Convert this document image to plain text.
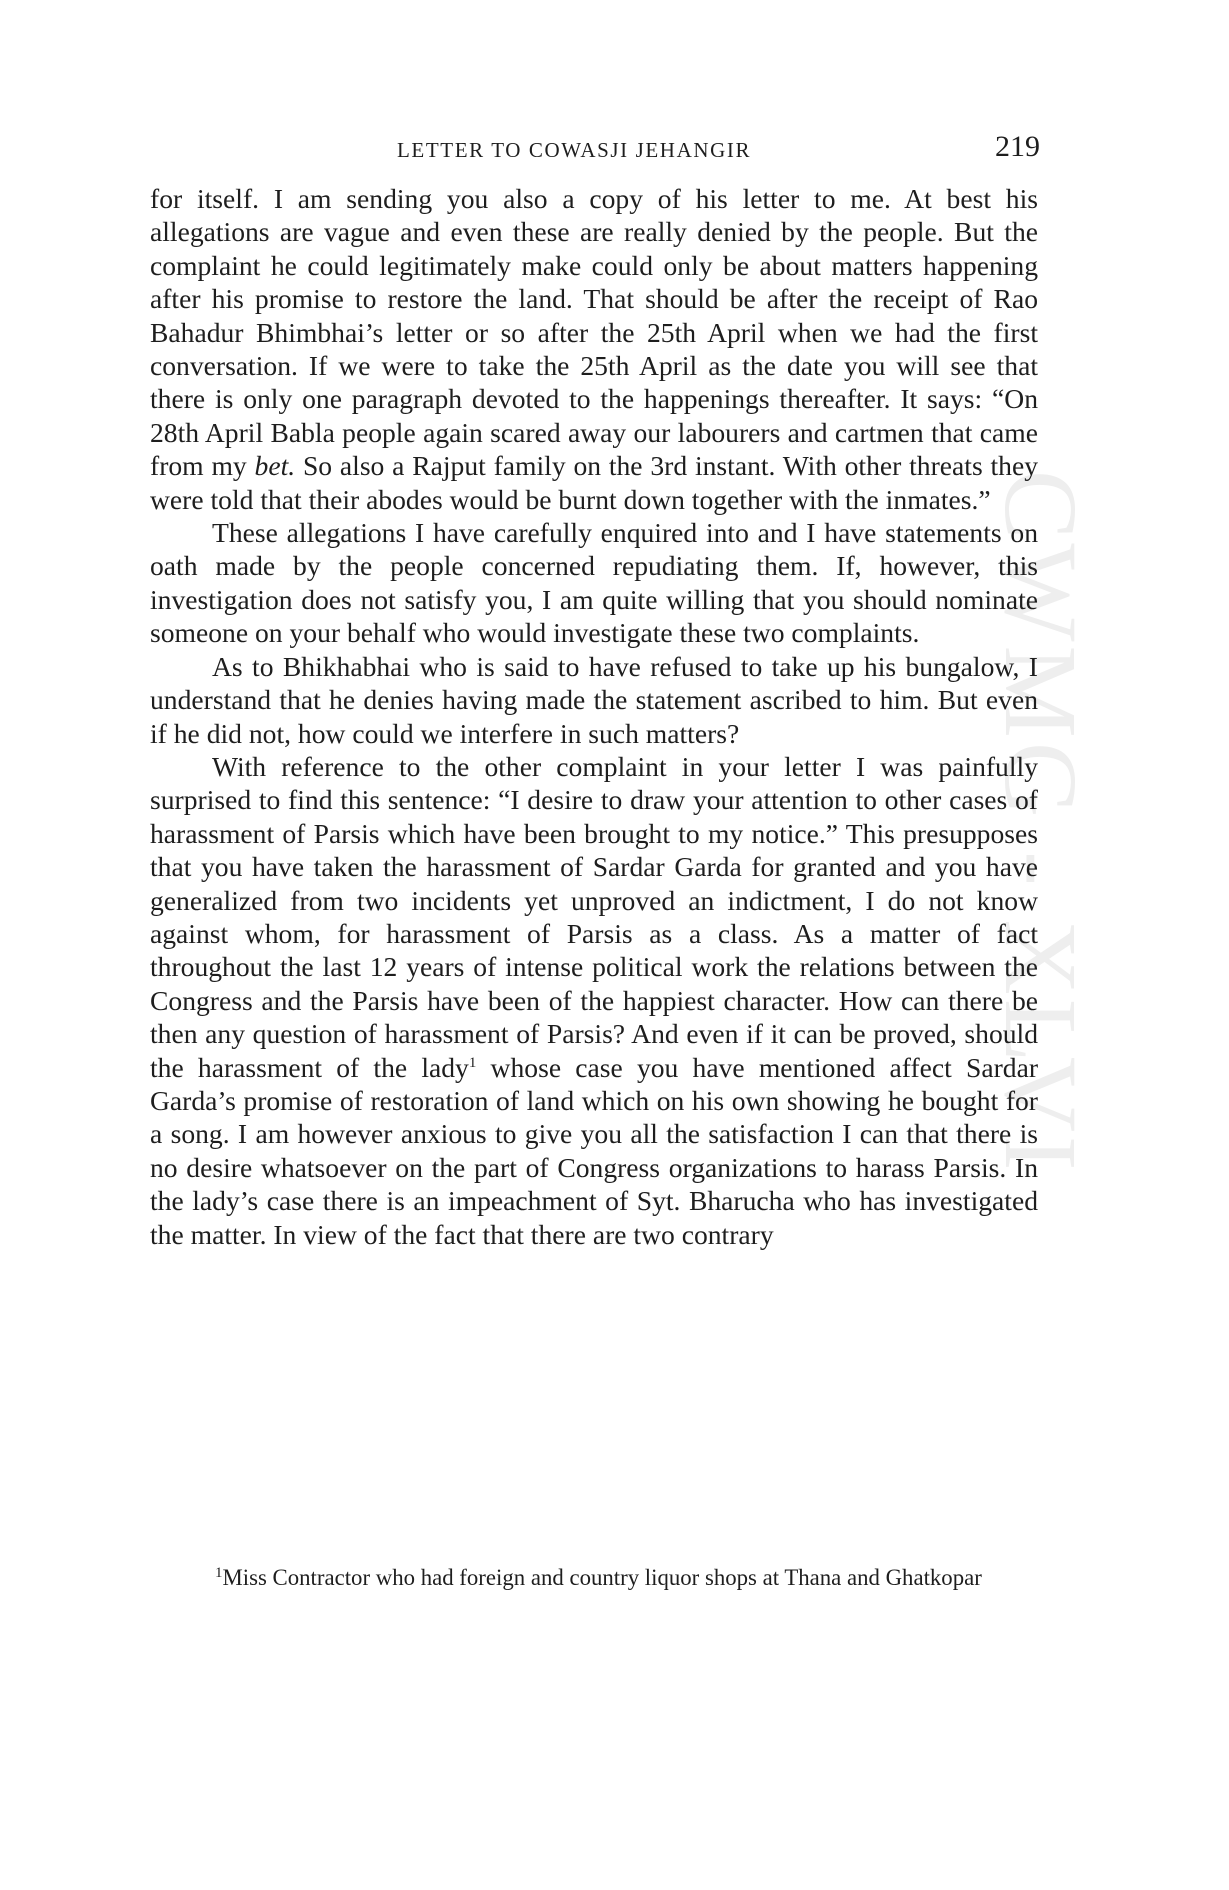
CWMG - XLVI
LETTER TO COWASJI JEHANGIR	219

for itself. I am sending you also a copy of his letter to me. At best his allegations are vague and even these are really denied by the people. But the complaint he could legitimately make could only be about matters happening after his promise to restore the land. That should be after the receipt of Rao Bahadur Bhimbhai’s letter or so after the 25th April when we had the first conversation. If we were to take the 25th April as the date you will see that there is only one paragraph devoted to the happenings thereafter. It says: “On 28th April Babla people again scared away our labourers and cartmen that came from my bet. So also a Rajput family on the 3rd instant. With other threats they were told that their abodes would be burnt down together with the inmates.”

These allegations I have carefully enquired into and I have statements on oath made by the people concerned repudiating them. If, however, this investigation does not satisfy you, I am quite willing that you should nominate someone on your behalf who would investigate these two complaints.

As to Bhikhabhai who is said to have refused to take up his bungalow, I understand that he denies having made the statement ascribed to him. But even if he did not, how could we interfere in such matters?

With reference to the other complaint in your letter I was painfully surprised to find this sentence: “I desire to draw your attention to other cases of harassment of Parsis which have been brought to my notice.” This presupposes that you have taken the harassment of Sardar Garda for granted and you have generalized from two incidents yet unproved an indictment, I do not know against whom, for harassment of Parsis as a class. As a matter of fact throughout the last 12 years of intense political work the relations between the Congress and the Parsis have been of the happiest character. How can there be then any question of harassment of Parsis? And even if it can be proved, should the harassment of the lady$^1$ whose case you have mentioned affect Sardar Garda’s promise of restoration of land which on his own showing he bought for a song. I am however anxious to give you all the satisfaction I can that there is no desire whatsoever on the part of Congress organizations to harass Parsis. In the lady’s case there is an impeachment of Syt. Bharucha who has investigated the matter. In view of the fact that there are two contrary

$^1$Miss Contractor who had foreign and country liquor shops at Thana and Ghatkopar
